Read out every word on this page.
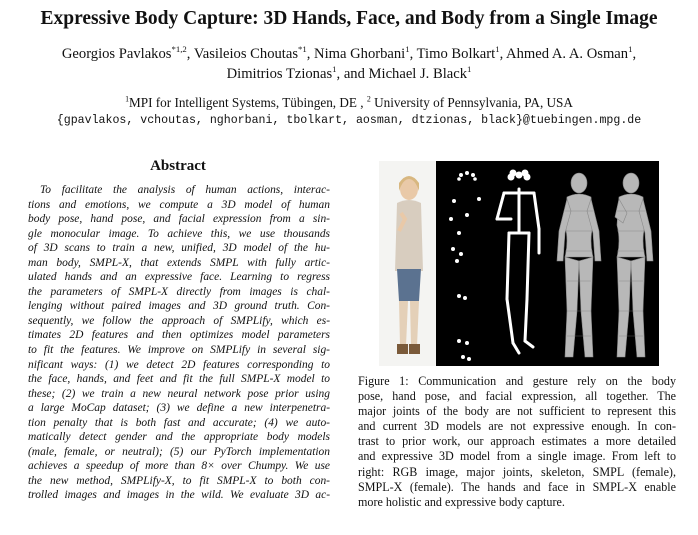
Expressive Body Capture: 3D Hands, Face, and Body from a Single Image
Georgios Pavlakos$^{*1,2}$, Vasileios Choutas$^{*1}$, Nima Ghorbani$^1$, Timo Bolkart$^1$, Ahmed A. A. Osman$^1$,
Dimitrios Tzionas$^1$, and Michael J. Black$^1$
$^1$MPI for Intelligent Systems, Tübingen, DE , $^2$ University of Pennsylvania, PA, USA
{gpavlakos, vchoutas, nghorbani, tbolkart, aosman, dtzionas, black}@tuebingen.mpg.de
Abstract
To facilitate the analysis of human actions, interac-
tions and emotions, we compute a 3D model of human
body pose, hand pose, and facial expression from a sin-
gle monocular image. To achieve this, we use thousands
of 3D scans to train a new, unified, 3D model of the hu-
man body, SMPL-X, that extends SMPL with fully artic-
ulated hands and an expressive face. Learning to regress
the parameters of SMPL-X directly from images is chal-
lenging without paired images and 3D ground truth. Con-
sequently, we follow the approach of SMPLify, which es-
timates 2D features and then optimizes model parameters
to fit the features. We improve on SMPLify in several sig-
nificant ways: (1) we detect 2D features corresponding to
the face, hands, and feet and fit the full SMPL-X model to
these; (2) we train a new neural network pose prior using
a large MoCap dataset; (3) we define a new interpenetra-
tion penalty that is both fast and accurate; (4) we auto-
matically detect gender and the appropriate body models
(male, female, or neutral); (5) our PyTorch implementation
achieves a speedup of more than 8× over Chumpy. We use
the new method, SMPLify-X, to fit SMPL-X to both con-
trolled images and images in the wild. We evaluate 3D ac-
Figure 1: Communication and gesture rely on the body
pose, hand pose, and facial expression, all together. The
major joints of the body are not sufficient to represent this
and current 3D models are not expressive enough. In con-
trast to prior work, our approach estimates a more detailed
and expressive 3D model from a single image. From left to
right: RGB image, major joints, skeleton, SMPL (female),
SMPL-X (female). The hands and face in SMPL-X enable
more holistic and expressive body capture.
